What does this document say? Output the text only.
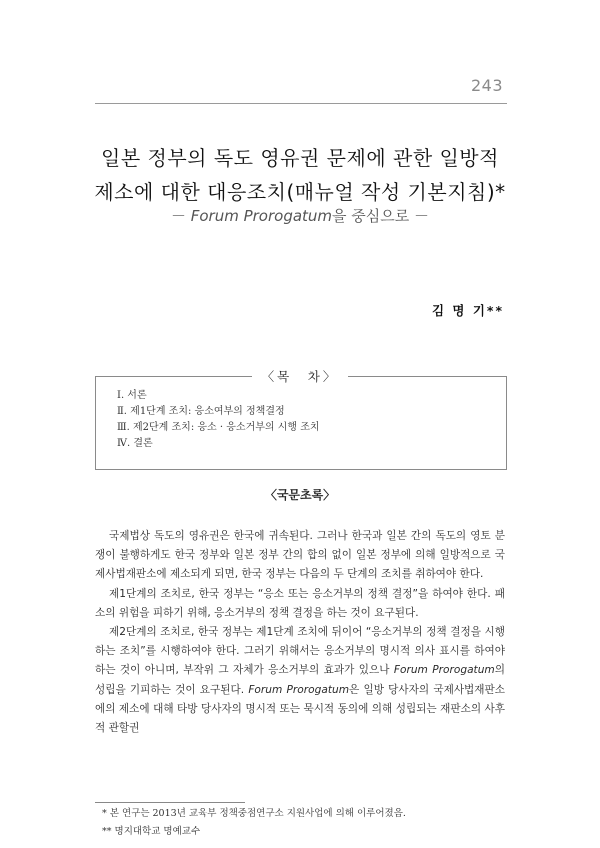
243
일본 정부의 독도 영유권 문제에 관한 일방적
제소에 대한 대응조치(매뉴얼 작성 기본지침)*
－ Forum Prorogatum을 중심으로 －
김 명 기**
〈목　차〉
Ⅰ. 서론
Ⅱ. 제1단계 조치: 응소여부의 정책결정
Ⅲ. 제2단계 조치: 응소 · 응소거부의 시행 조치
Ⅳ. 결론
〈국문초록〉

국제법상 독도의 영유권은 한국에 귀속된다. 그러나 한국과 일본 간의 독도의 영토 분쟁이 불행하게도 한국 정부와 일본 정부 간의 합의 없이 일본 정부에 의해 일방적으로 국제사법재판소에 제소되게 되면, 한국 정부는 다음의 두 단계의 조치를 취하여야 한다.

제1단계의 조치로, 한국 정부는 “응소 또는 응소거부의 정책 결정”을 하여야 한다. 패소의 위험을 피하기 위해, 응소거부의 정책 결정을 하는 것이 요구된다.

제2단계의 조치로, 한국 정부는 제1단계 조치에 뒤이어 “응소거부의 정책 결정을 시행하는 조치”를 시행하여야 한다. 그러기 위해서는 응소거부의 명시적 의사 표시를 하여야 하는 것이 아니며, 부작위 그 자체가 응소거부의 효과가 있으나 Forum Prorogatum의 성립을 기피하는 것이 요구된다. Forum Prorogatum은 일방 당사자의 국제사법재판소에의 제소에 대해 타방 당사자의 명시적 또는 묵시적 동의에 의해 성립되는 재판소의 사후적 관할권

* 본 연구는 2013년 교육부 정책중점연구소 지원사업에 의해 이루어졌음.
** 명지대학교 명예교수
